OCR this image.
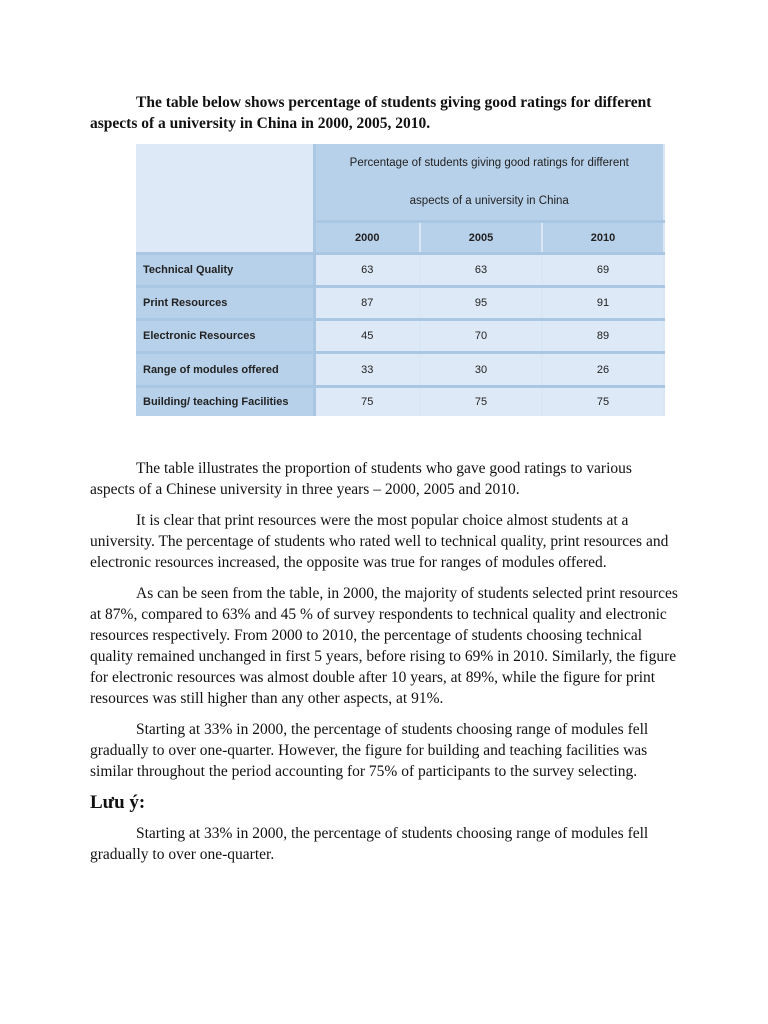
The table below shows percentage of students giving good ratings for different aspects of a university in China in 2000, 2005, 2010.

	Percentage of students giving good ratings for different
aspects of a university in China		

	2000	2005	2010
Technical Quality	63	63	69
Print Resources	87	95	91
Electronic Resources	45	70	89
Range of modules offered	33	30	26
Building/ teaching Facilities	75	75	75

The table illustrates the proportion of students who gave good ratings to various aspects of a Chinese university in three years – 2000, 2005 and 2010.

It is clear that print resources were the most popular choice almost students at a university. The percentage of students who rated well to technical quality, print resources and electronic resources increased, the opposite was true for ranges of modules offered.

As can be seen from the table, in 2000, the majority of students selected print resources at 87%, compared to 63% and 45 % of survey respondents to technical quality and electronic resources respectively. From 2000 to 2010, the percentage of students choosing technical quality remained unchanged in first 5 years, before rising to 69% in 2010. Similarly, the figure for electronic resources was almost double after 10 years, at 89%, while the figure for print resources was still higher than any other aspects, at 91%.

Starting at 33% in 2000, the percentage of students choosing range of modules fell gradually to over one-quarter. However, the figure for building and teaching facilities was similar throughout the period accounting for 75% of participants to the survey selecting.

Lưu ý:

Starting at 33% in 2000, the percentage of students choosing range of modules fell gradually to over one-quarter.
